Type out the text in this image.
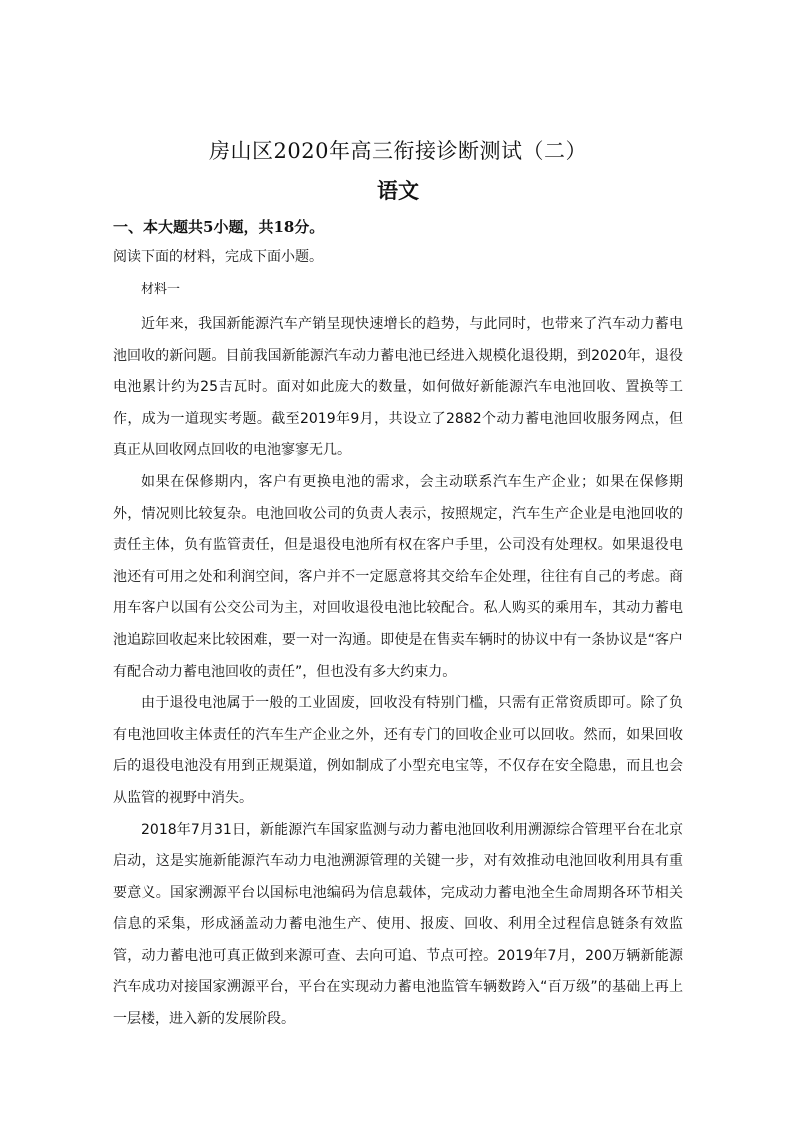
房山区2020年高三衔接诊断测试（二）
语文
一、本大题共5小题，共18分。
阅读下面的材料，完成下面小题。
材料一

近年来，我国新能源汽车产销呈现快速增长的趋势，与此同时，也带来了汽车动力蓄电池回收的新问题。目前我国新能源汽车动力蓄电池已经进入规模化退役期，到2020年，退役电池累计约为25吉瓦时。面对如此庞大的数量，如何做好新能源汽车电池回收、置换等工作，成为一道现实考题。截至2019年9月，共设立了2882个动力蓄电池回收服务网点，但真正从回收网点回收的电池寥寥无几。

如果在保修期内，客户有更换电池的需求，会主动联系汽车生产企业；如果在保修期外，情况则比较复杂。电池回收公司的负责人表示，按照规定，汽车生产企业是电池回收的责任主体，负有监管责任，但是退役电池所有权在客户手里，公司没有处理权。如果退役电池还有可用之处和利润空间，客户并不一定愿意将其交给车企处理，往往有自己的考虑。商用车客户以国有公交公司为主，对回收退役电池比较配合。私人购买的乘用车，其动力蓄电池追踪回收起来比较困难，要一对一沟通。即使是在售卖车辆时的协议中有一条协议是“客户有配合动力蓄电池回收的责任”，但也没有多大约束力。

由于退役电池属于一般的工业固废，回收没有特别门槛，只需有正常资质即可。除了负有电池回收主体责任的汽车生产企业之外，还有专门的回收企业可以回收。然而，如果回收后的退役电池没有用到正规渠道，例如制成了小型充电宝等，不仅存在安全隐患，而且也会从监管的视野中消失。

2018年7月31日，新能源汽车国家监测与动力蓄电池回收利用溯源综合管理平台在北京启动，这是实施新能源汽车动力电池溯源管理的关键一步，对有效推动电池回收利用具有重要意义。国家溯源平台以国标电池编码为信息载体，完成动力蓄电池全生命周期各环节相关信息的采集，形成涵盖动力蓄电池生产、使用、报废、回收、利用全过程信息链条有效监管，动力蓄电池可真正做到来源可查、去向可追、节点可控。2019年7月，200万辆新能源汽车成功对接国家溯源平台，平台在实现动力蓄电池监管车辆数跨入“百万级”的基础上再上一层楼，进入新的发展阶段。
